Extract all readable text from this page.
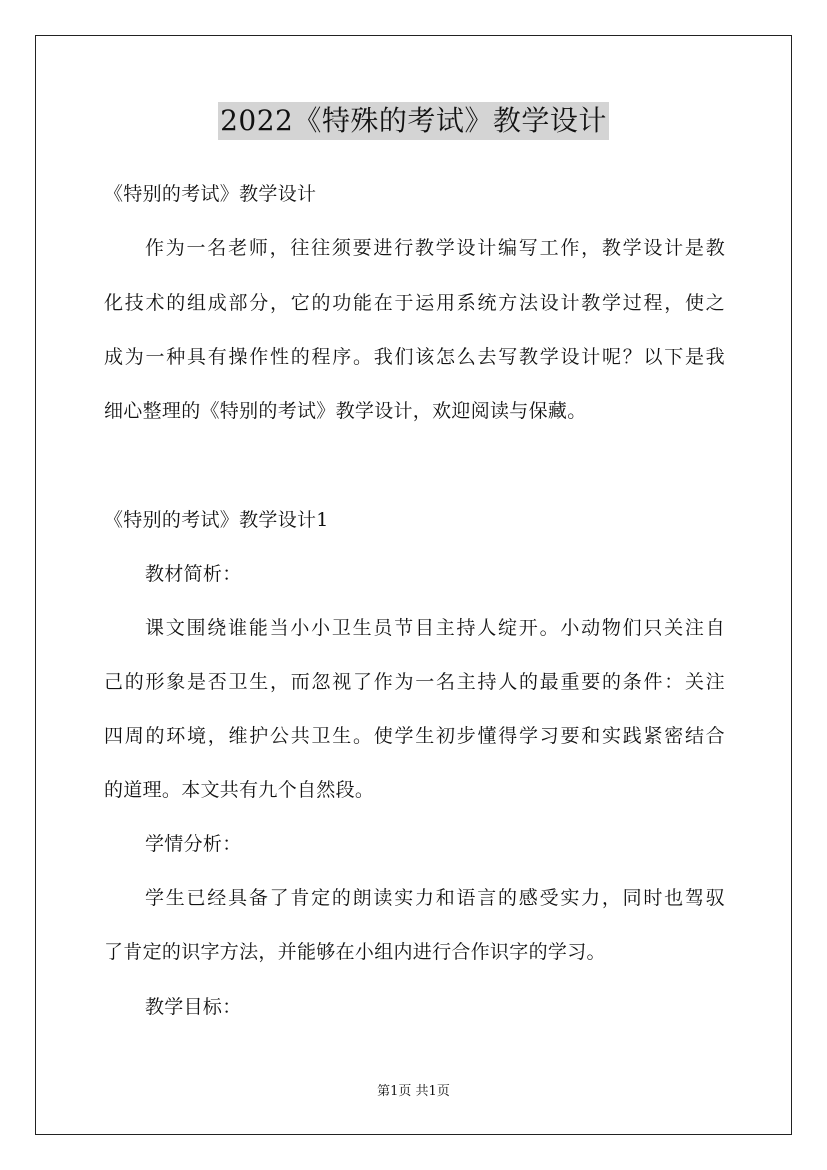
2022《特殊的考试》教学设计
《特别的考试》教学设计
作为一名老师，往往须要进行教学设计编写工作，教学设计是教
化技术的组成部分，它的功能在于运用系统方法设计教学过程，使之
成为一种具有操作性的程序。我们该怎么去写教学设计呢？以下是我
细心整理的《特别的考试》教学设计，欢迎阅读与保藏。
《特别的考试》教学设计1
教材简析：
课文围绕谁能当小小卫生员节目主持人绽开。小动物们只关注自
己的形象是否卫生，而忽视了作为一名主持人的最重要的条件：关注
四周的环境，维护公共卫生。使学生初步懂得学习要和实践紧密结合
的道理。本文共有九个自然段。
学情分析：
学生已经具备了肯定的朗读实力和语言的感受实力，同时也驾驭
了肯定的识字方法，并能够在小组内进行合作识字的学习。
教学目标：
第1页 共1页
